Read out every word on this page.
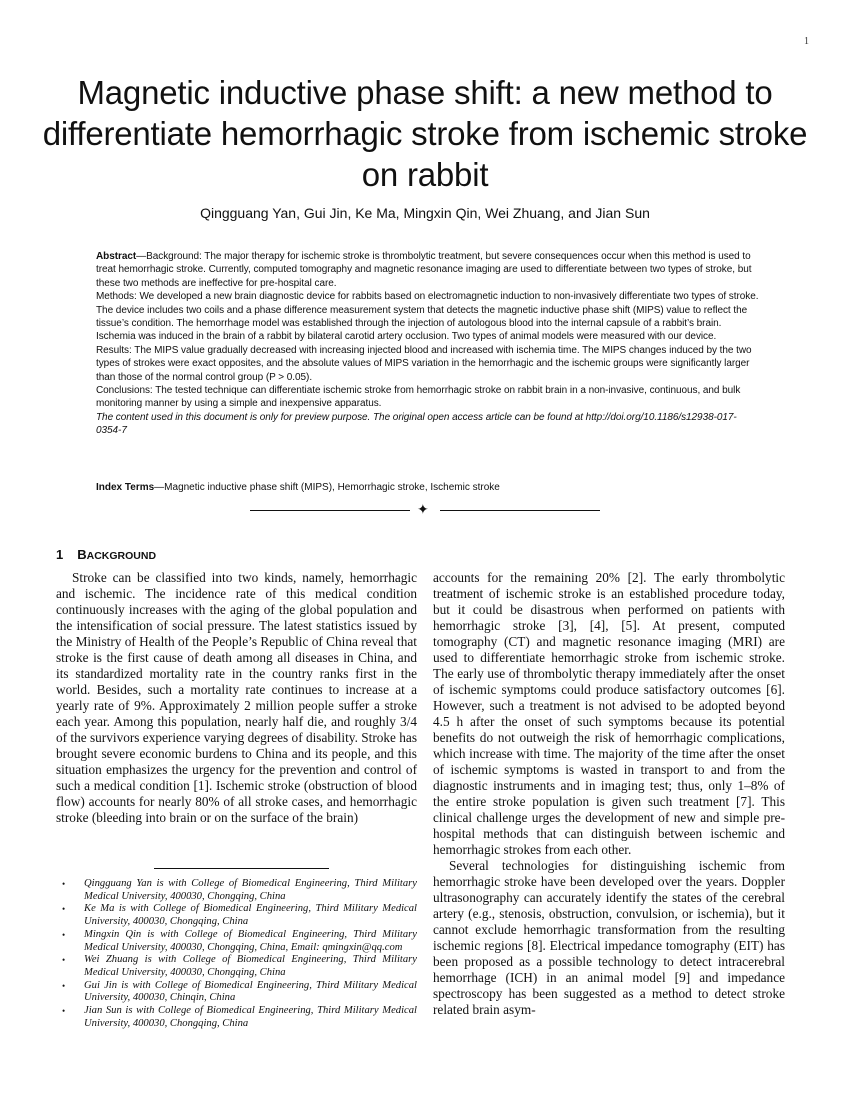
1
Magnetic inductive phase shift: a new method to differentiate hemorrhagic stroke from ischemic stroke on rabbit
Qingguang Yan, Gui Jin, Ke Ma, Mingxin Qin, Wei Zhuang, and Jian Sun

Abstract—Background: The major therapy for ischemic stroke is thrombolytic treatment, but severe consequences occur when this method is used to treat hemorrhagic stroke. Currently, computed tomography and magnetic resonance imaging are used to differentiate between two types of stroke, but these two methods are ineffective for pre-hospital care.

Methods: We developed a new brain diagnostic device for rabbits based on electromagnetic induction to non-invasively differentiate two types of stroke. The device includes two coils and a phase difference measurement system that detects the magnetic inductive phase shift (MIPS) value to reflect the tissue’s condition. The hemorrhage model was established through the injection of autologous blood into the internal capsule of a rabbit’s brain. Ischemia was induced in the brain of a rabbit by bilateral carotid artery occlusion. Two types of animal models were measured with our device.

Results: The MIPS value gradually decreased with increasing injected blood and increased with ischemia time. The MIPS changes induced by the two types of strokes were exact opposites, and the absolute values of MIPS variation in the hemorrhagic and the ischemic groups were significantly larger than those of the normal control group (P > 0.05).

Conclusions: The tested technique can differentiate ischemic stroke from hemorrhagic stroke on rabbit brain in a non-invasive, continuous, and bulk monitoring manner by using a simple and inexpensive apparatus.

The content used in this document is only for preview purpose. The original open access article can be found at http://doi.org/10.1186/s12938-017-0354-7

Index Terms—Magnetic inductive phase shift (MIPS), Hemorrhagic stroke, Ischemic stroke
✦
1 BACKGROUND

Stroke can be classified into two kinds, namely, hemorrhagic and ischemic. The incidence rate of this medical condition continuously increases with the aging of the global population and the intensification of social pressure. The latest statistics issued by the Ministry of Health of the People’s Republic of China reveal that stroke is the first cause of death among all diseases in China, and its standardized mortality rate in the country ranks first in the world. Besides, such a mortality rate continues to increase at a yearly rate of 9%. Approximately 2 million people suffer a stroke each year. Among this population, nearly half die, and roughly 3/4 of the survivors experience varying degrees of disability. Stroke has brought severe economic burdens to China and its people, and this situation emphasizes the urgency for the prevention and control of such a medical condition [1]. Ischemic stroke (obstruction of blood flow) accounts for nearly 80% of all stroke cases, and hemorrhagic stroke (bleeding into brain or on the surface of the brain)

• Qingguang Yan is with College of Biomedical Engineering, Third Military Medical University, 400030, Chongqing, China
• Ke Ma is with College of Biomedical Engineering, Third Military Medical University, 400030, Chongqing, China
• Mingxin Qin is with College of Biomedical Engineering, Third Military Medical University, 400030, Chongqing, China, Email: qmingxin@qq.com
• Wei Zhuang is with College of Biomedical Engineering, Third Military Medical University, 400030, Chongqing, China
• Gui Jin is with College of Biomedical Engineering, Third Military Medical University, 400030, Chinqin, China
• Jian Sun is with College of Biomedical Engineering, Third Military Medical University, 400030, Chongqing, China

accounts for the remaining 20% [2]. The early thrombolytic treatment of ischemic stroke is an established procedure today, but it could be disastrous when performed on patients with hemorrhagic stroke [3], [4], [5]. At present, computed tomography (CT) and magnetic resonance imaging (MRI) are used to differentiate hemorrhagic stroke from ischemic stroke. The early use of thrombolytic therapy immediately after the onset of ischemic symptoms could produce satisfactory outcomes [6]. However, such a treatment is not advised to be adopted beyond 4.5 h after the onset of such symptoms because its potential benefits do not outweigh the risk of hemorrhagic complications, which increase with time. The majority of the time after the onset of ischemic symptoms is wasted in transport to and from the diagnostic instruments and in imaging test; thus, only 1–8% of the entire stroke population is given such treatment [7]. This clinical challenge urges the development of new and simple pre-hospital methods that can distinguish between ischemic and hemorrhagic strokes from each other.

Several technologies for distinguishing ischemic from hemorrhagic stroke have been developed over the years. Doppler ultrasonography can accurately identify the states of the cerebral artery (e.g., stenosis, obstruction, convulsion, or ischemia), but it cannot exclude hemorrhagic transformation from the resulting ischemic regions [8]. Electrical impedance tomography (EIT) has been proposed as a possible technology to detect intracerebral hemorrhage (ICH) in an animal model [9] and impedance spectroscopy has been suggested as a method to detect stroke related brain asym-
